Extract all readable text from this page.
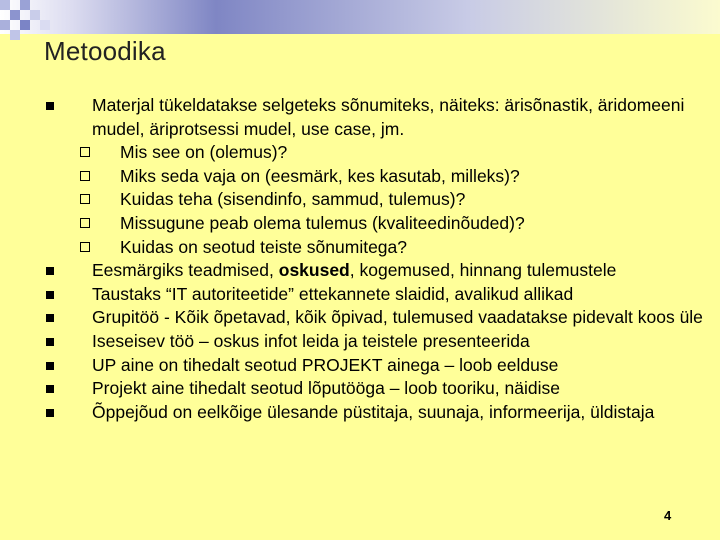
Metoodika
Materjal tükeldatakse selgeteks sõnumiteks, näiteks: ärisõnastik, äridomeeni mudel, äriprotsessi mudel, use case, jm.
Mis see on (olemus)?
Miks seda vaja on (eesmärk, kes kasutab, milleks)?
Kuidas teha (sisendinfo, sammud, tulemus)?
Missugune peab olema tulemus (kvaliteedinõuded)?
Kuidas on seotud teiste sõnumitega?
Eesmärgiks teadmised, oskused, kogemused, hinnang tulemustele
Taustaks “IT autoriteetide” ettekannete slaidid, avalikud allikad
Grupitöö - Kõik õpetavad, kõik õpivad, tulemused vaadatakse pidevalt koos üle
Iseseisev töö – oskus infot leida ja teistele presenteerida
UP aine on tihedalt seotud PROJEKT ainega – loob eelduse
Projekt aine tihedalt seotud lõputööga – loob tooriku, näidise
Õppejõud on eelkõige ülesande püstitaja, suunaja, informeerija, üldistaja
4
